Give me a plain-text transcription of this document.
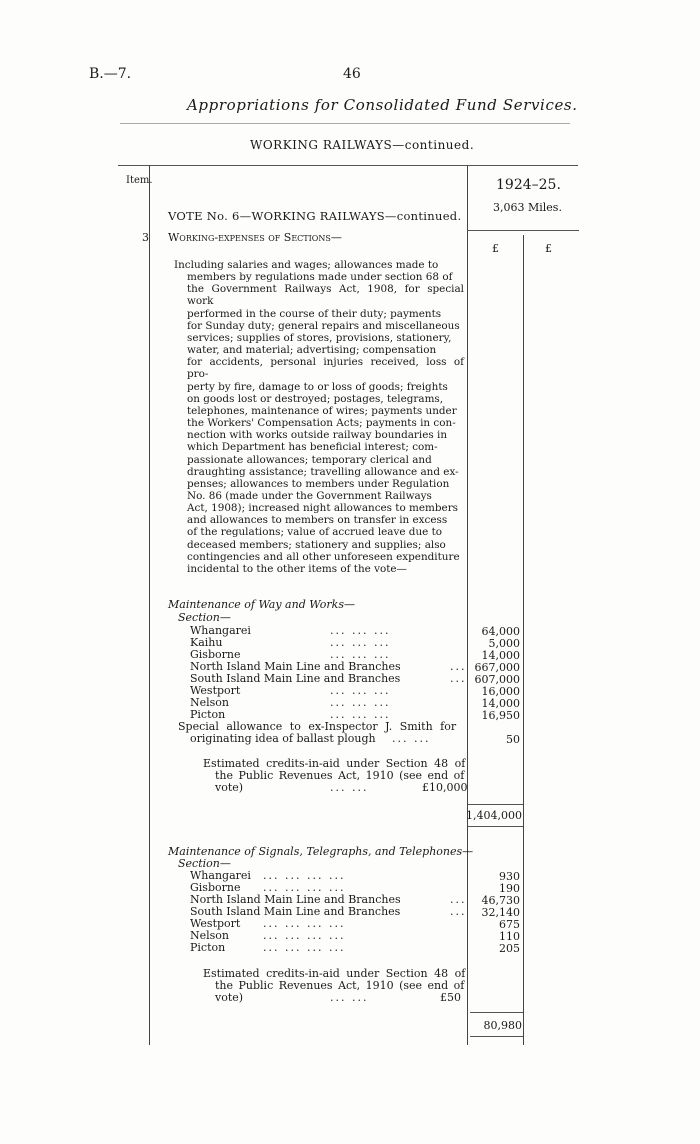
B.—7.	46
Appropriations for Consolidated Fund Services.
WORKING RAILWAYS—continued.
Item.	1924–25.
3,063 Miles.
£	£
VOTE No. 6—WORKING RAILWAYS—continued.
3 Working-expenses of Sections—
Including salaries and wages; allowances made to
members by regulations made under section 68 of
the Government Railways Act, 1908, for special work
performed in the course of their duty; payments
for Sunday duty; general repairs and miscellaneous
services; supplies of stores, provisions, stationery,
water, and material; advertising; compensation
for accidents, personal injuries received, loss of pro-
perty by fire, damage to or loss of goods; freights
on goods lost or destroyed; postages, telegrams,
telephones, maintenance of wires; payments under
the Workers' Compensation Acts; payments in con-
nection with works outside railway boundaries in
which Department has beneficial interest; com-
passionate allowances; temporary clerical and
draughting assistance; travelling allowance and ex-
penses; allowances to members under Regulation
No. 86 (made under the Government Railways
Act, 1908); increased night allowances to members
and allowances to members on transfer in excess
of the regulations; value of accrued leave due to
deceased members; stationery and supplies; also
contingencies and all other unforeseen expenditure
incidental to the other items of the vote—
Maintenance of Way and Works—
Section—
Whangarei	... ... ...	64,000
Kaihu	... ... ...	5,000
Gisborne	... ... ...	14,000
North Island Main Line and Branches	... 667,000
South Island Main Line and Branches	... 607,000
Westport	... ... ...	16,000
Nelson	... ... ...	14,000
Picton	... ... ...	16,950
Special allowance to ex-Inspector J. Smith for
originating idea of ballast plough ... ...	50
Estimated credits-in-aid under Section 48 of
the Public Revenues Act, 1910 (see end of
vote)	... ...	£10,000
1,404,000
Maintenance of Signals, Telegraphs, and Telephones—
Section—
Whangarei ... ... ... ...	930
Gisborne ... ... ... ...	190
North Island Main Line and Branches	...	46,730
South Island Main Line and Branches	...	32,140
Westport ... ... ... ...	675
Nelson	... ... ... ...	110
Picton	... ... ... ...	205
Estimated credits-in-aid under Section 48 of
the Public Revenues Act, 1910 (see end of
vote)	... ...	£50
80,980
